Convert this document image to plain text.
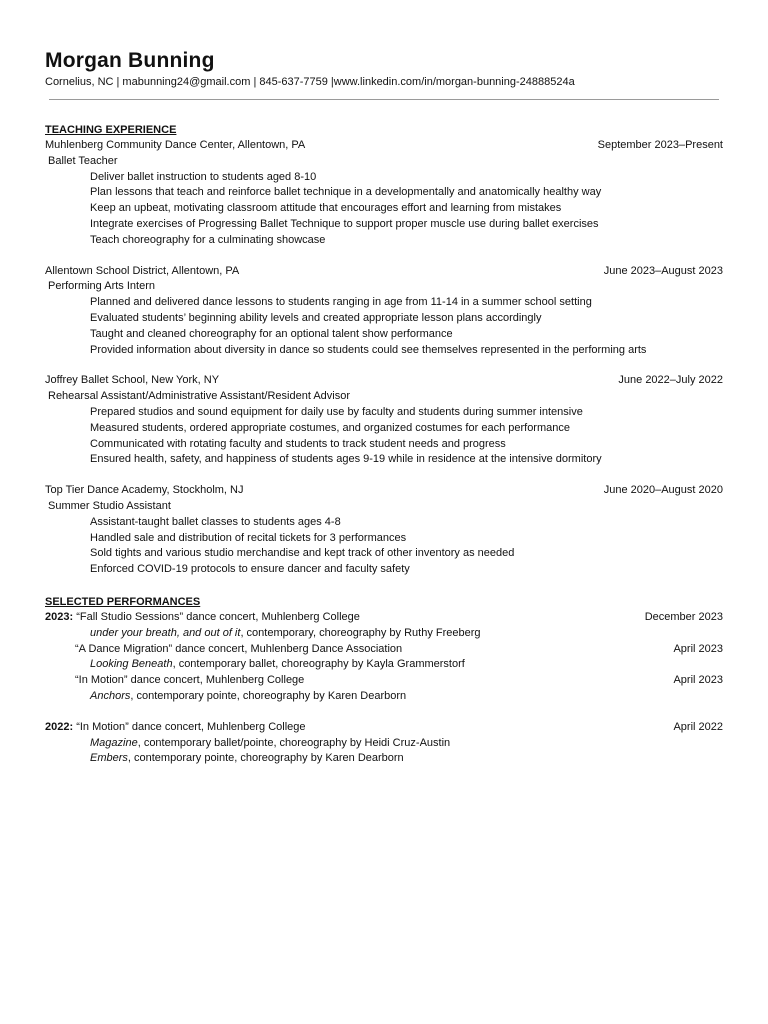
Morgan Bunning
Cornelius, NC | mabunning24@gmail.com | 845-637-7759 |www.linkedin.com/in/morgan-bunning-24888524a
TEACHING EXPERIENCE
Muhlenberg Community Dance Center, Allentown, PA	September 2023–Present
Ballet Teacher
Deliver ballet instruction to students aged 8-10
Plan lessons that teach and reinforce ballet technique in a developmentally and anatomically healthy way
Keep an upbeat, motivating classroom attitude that encourages effort and learning from mistakes
Integrate exercises of Progressing Ballet Technique to support proper muscle use during ballet exercises
Teach choreography for a culminating showcase
Allentown School District, Allentown, PA	June 2023–August 2023
Performing Arts Intern
Planned and delivered dance lessons to students ranging in age from 11-14 in a summer school setting
Evaluated students’ beginning ability levels and created appropriate lesson plans accordingly
Taught and cleaned choreography for an optional talent show performance
Provided information about diversity in dance so students could see themselves represented in the performing arts
Joffrey Ballet School, New York, NY	June 2022–July 2022
Rehearsal Assistant/Administrative Assistant/Resident Advisor
Prepared studios and sound equipment for daily use by faculty and students during summer intensive
Measured students, ordered appropriate costumes, and organized costumes for each performance
Communicated with rotating faculty and students to track student needs and progress
Ensured health, safety, and happiness of students ages 9-19 while in residence at the intensive dormitory
Top Tier Dance Academy, Stockholm, NJ	June 2020–August 2020
Summer Studio Assistant
Assistant-taught ballet classes to students ages 4-8
Handled sale and distribution of recital tickets for 3 performances
Sold tights and various studio merchandise and kept track of other inventory as needed
Enforced COVID-19 protocols to ensure dancer and faculty safety
SELECTED PERFORMANCES
2023: “Fall Studio Sessions” dance concert, Muhlenberg College	December 2023
under your breath, and out of it, contemporary, choreography by Ruthy Freeberg
“A Dance Migration” dance concert, Muhlenberg Dance Association	April 2023
Looking Beneath, contemporary ballet, choreography by Kayla Grammerstorf
“In Motion” dance concert, Muhlenberg College	April 2023
Anchors, contemporary pointe, choreography by Karen Dearborn
2022: “In Motion” dance concert, Muhlenberg College	April 2022
Magazine, contemporary ballet/pointe, choreography by Heidi Cruz-Austin
Embers, contemporary pointe, choreography by Karen Dearborn
